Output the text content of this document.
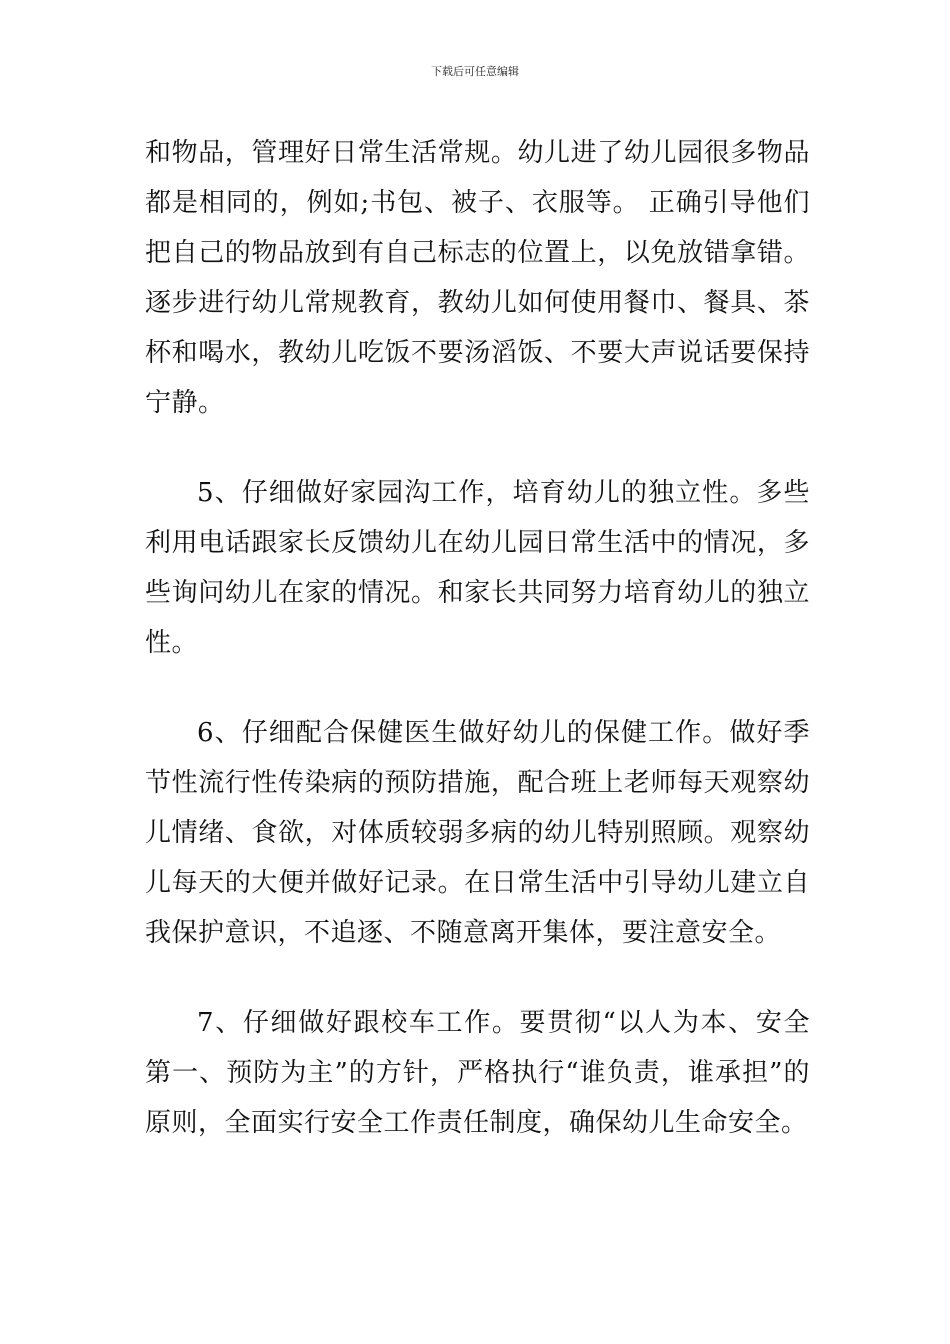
下载后可任意编辑

和物品，管理好日常生活常规。幼儿进了幼儿园很多物品都是相同的，例如;书包、被子、衣服等。 正确引导他们把自己的物品放到有自己标志的位置上，以免放错拿错。逐步进行幼儿常规教育，教幼儿如何使用餐巾、餐具、茶杯和喝水，教幼儿吃饭不要汤滔饭、不要大声说话要保持宁静。

5、仔细做好家园沟工作，培育幼儿的独立性。多些利用电话跟家长反馈幼儿在幼儿园日常生活中的情况，多些询问幼儿在家的情况。和家长共同努力培育幼儿的独立性。

6、仔细配合保健医生做好幼儿的保健工作。做好季节性流行性传染病的预防措施，配合班上老师每天观察幼儿情绪、食欲，对体质较弱多病的幼儿特别照顾。观察幼儿每天的大便并做好记录。在日常生活中引导幼儿建立自我保护意识，不追逐、不随意离开集体，要注意安全。

7、仔细做好跟校车工作。要贯彻“以人为本、安全第一、预防为主”的方针，严格执行“谁负责，谁承担”的原则，全面实行安全工作责任制度，确保幼儿生命安全。
